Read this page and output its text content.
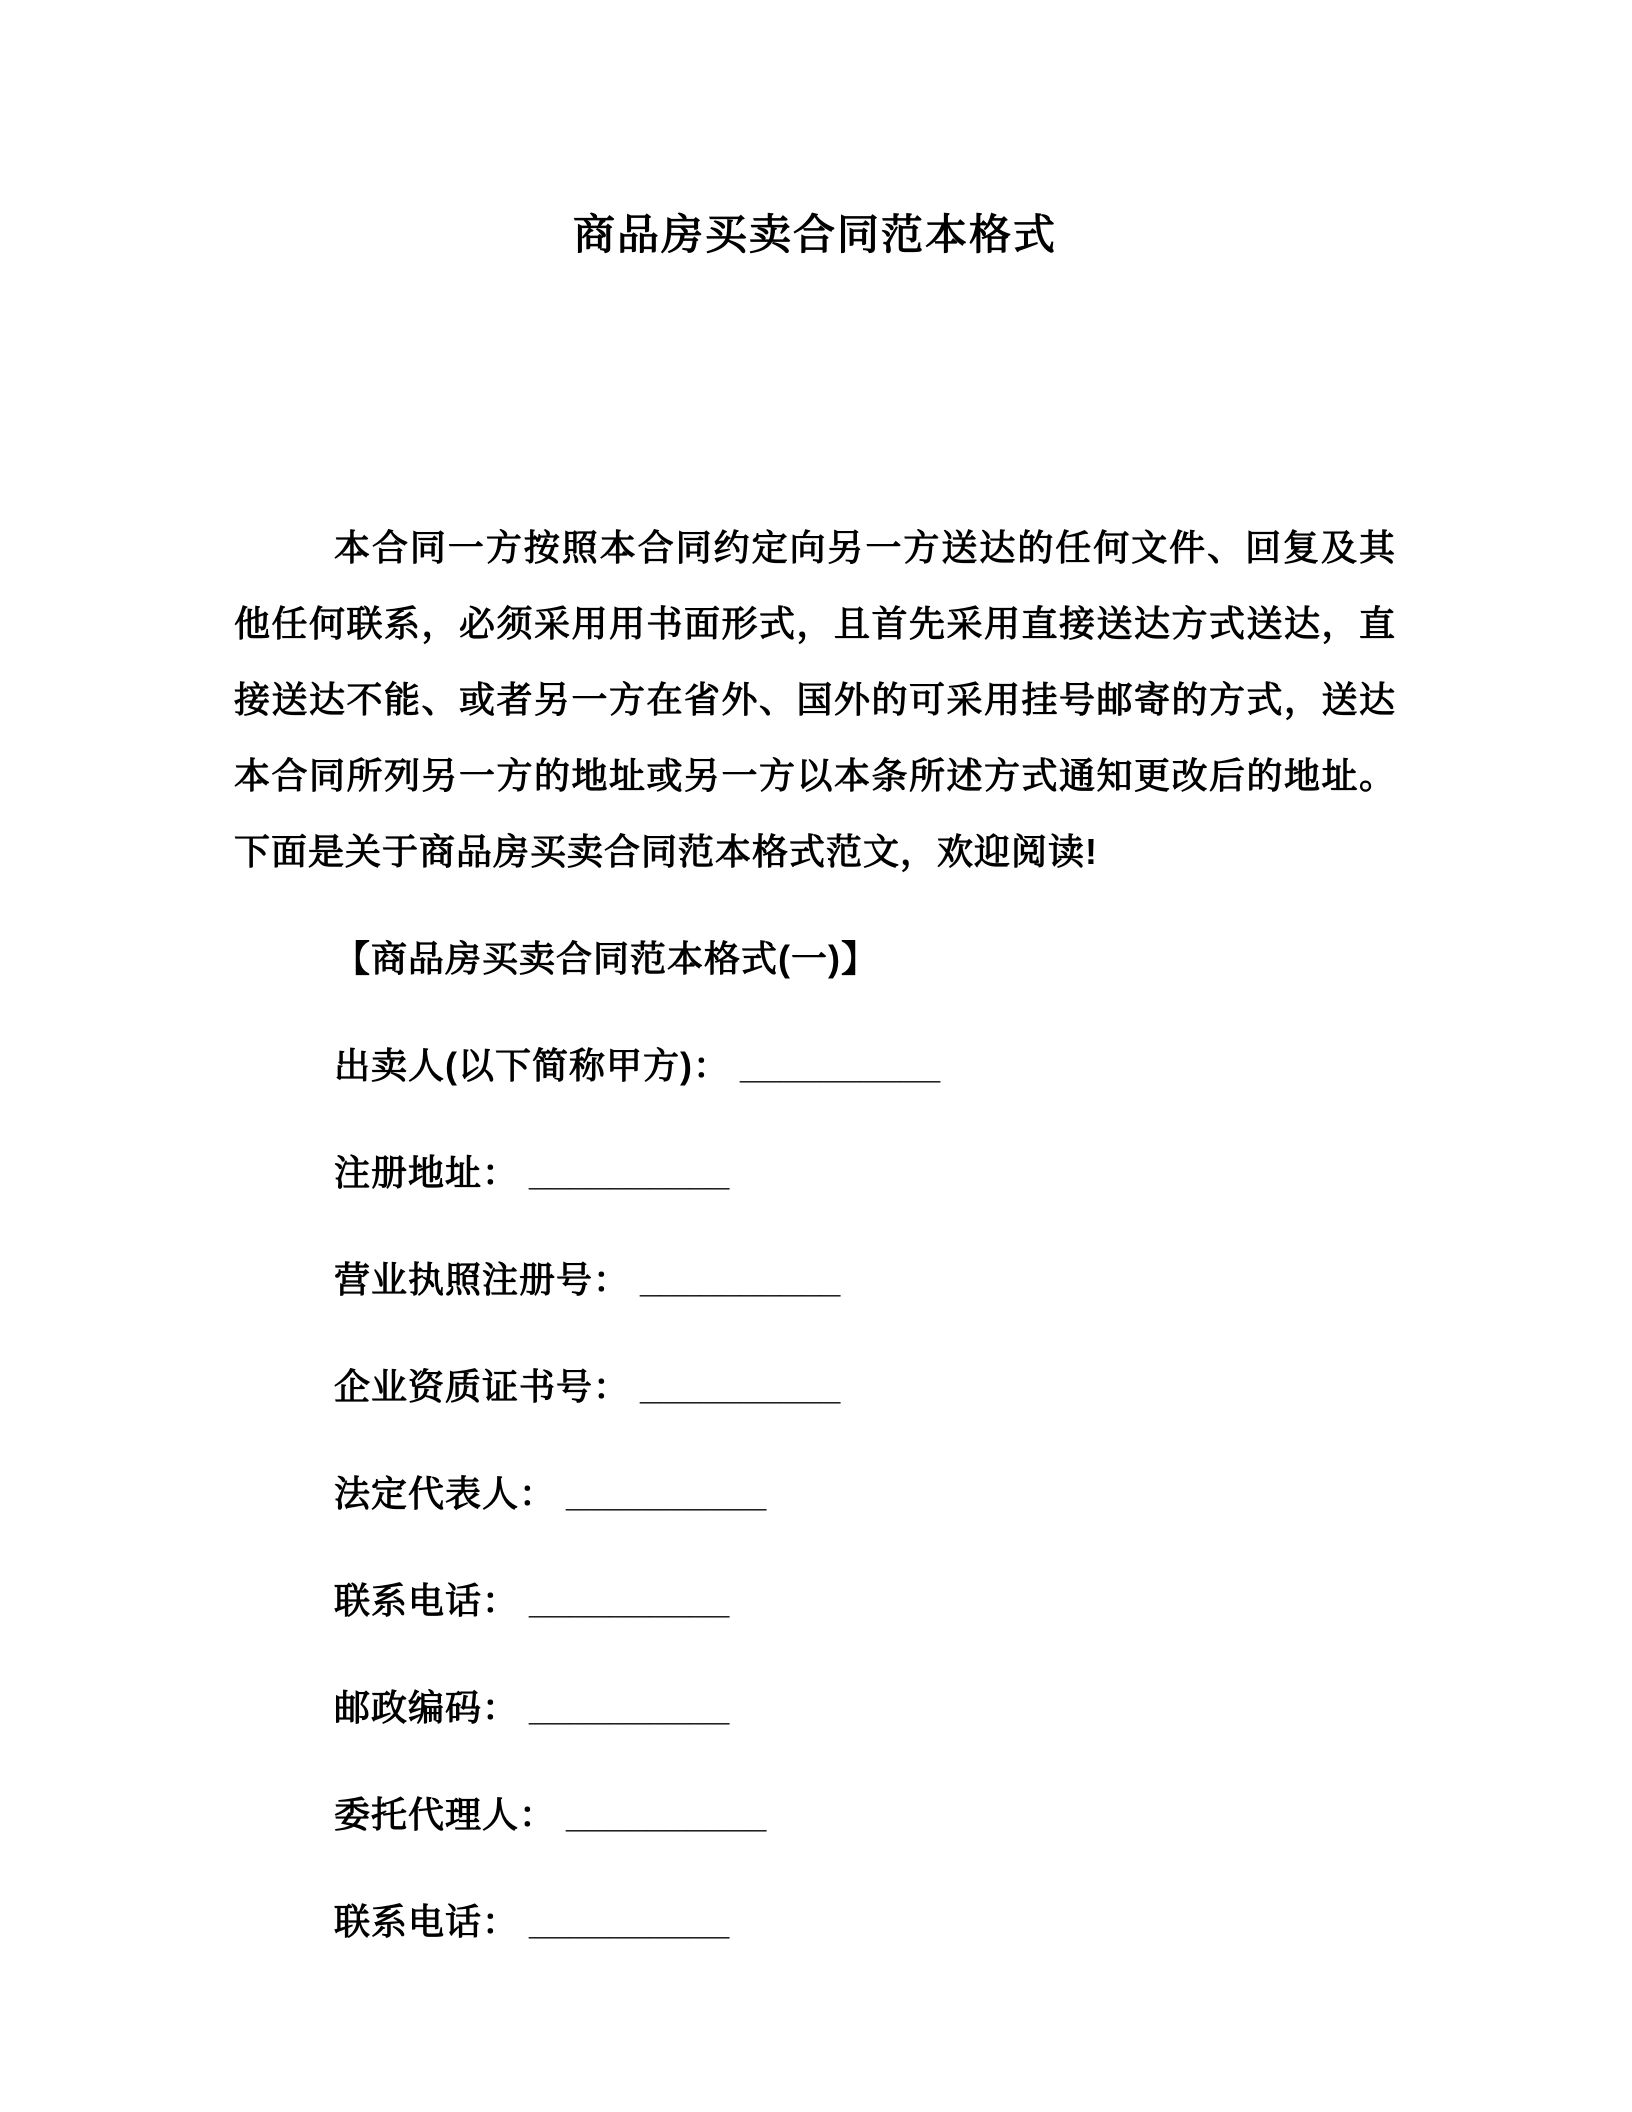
商品房买卖合同范本格式

本合同一方按照本合同约定向另一方送达的任何文件、回复及其他任何联系，必须采用用书面形式，且首先采用直接送达方式送达，直接送达不能、或者另一方在省外、国外的可采用挂号邮寄的方式，送达本合同所列另一方的地址或另一方以本条所述方式通知更改后的地址。下面是关于商品房买卖合同范本格式范文，欢迎阅读!

【商品房买卖合同范本格式(一)】

出卖人(以下简称甲方)： __________

注册地址： __________

营业执照注册号： __________

企业资质证书号： __________

法定代表人： __________

联系电话： __________

邮政编码： __________

委托代理人： __________

联系电话： __________
